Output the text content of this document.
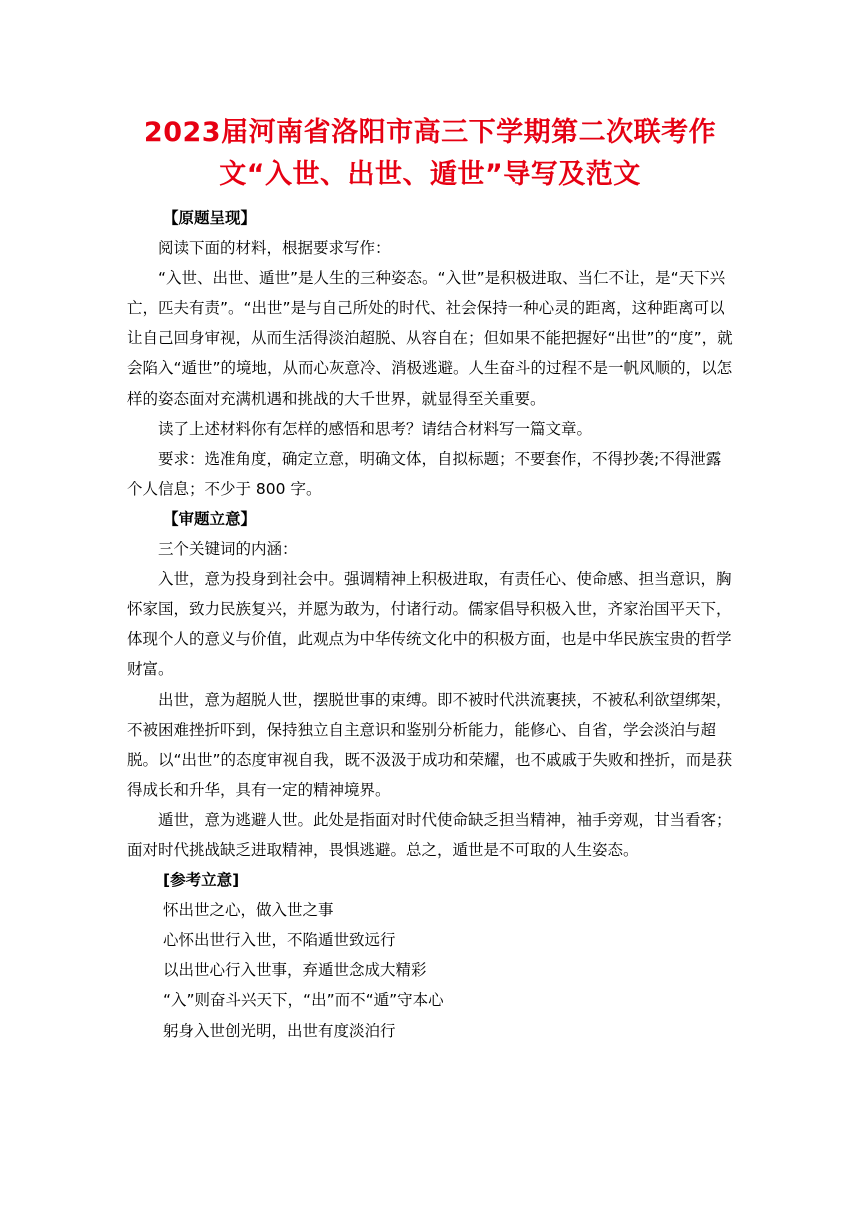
2023届河南省洛阳市高三下学期第二次联考作
文“入世、出世、遁世”导写及范文

【原题呈现】

阅读下面的材料，根据要求写作：

“入世、出世、遁世”是人生的三种姿态。“入世”是积极进取、当仁不让，是“天下兴亡，匹夫有责”。“出世”是与自己所处的时代、社会保持一种心灵的距离，这种距离可以让自己回身审视，从而生活得淡泊超脱、从容自在；但如果不能把握好“出世”的“度”，就会陷入“遁世”的境地，从而心灰意冷、消极逃避。人生奋斗的过程不是一帆风顺的，以怎样的姿态面对充满机遇和挑战的大千世界，就显得至关重要。

读了上述材料你有怎样的感悟和思考？请结合材料写一篇文章。

要求：选准角度，确定立意，明确文体，自拟标题；不要套作，不得抄袭;不得泄露个人信息；不少于 800 字。

【审题立意】

三个关键词的内涵：

入世，意为投身到社会中。强调精神上积极进取，有责任心、使命感、担当意识，胸怀家国，致力民族复兴，并愿为敢为，付诸行动。儒家倡导积极入世，齐家治国平天下，体现个人的意义与价值，此观点为中华传统文化中的积极方面，也是中华民族宝贵的哲学财富。

出世，意为超脱人世，摆脱世事的束缚。即不被时代洪流裹挟，不被私利欲望绑架，不被困难挫折吓到，保持独立自主意识和鉴别分析能力，能修心、自省，学会淡泊与超脱。以“出世”的态度审视自我，既不汲汲于成功和荣耀，也不戚戚于失败和挫折，而是获得成长和升华，具有一定的精神境界。

遁世，意为逃避人世。此处是指面对时代使命缺乏担当精神，袖手旁观，甘当看客；面对时代挑战缺乏进取精神，畏惧逃避。总之，遁世是不可取的人生姿态。

[参考立意]

怀出世之心，做入世之事

心怀出世行入世，不陷遁世致远行

以出世心行入世事，弃遁世念成大精彩

“入”则奋斗兴天下，“出”而不“遁”守本心

躬身入世创光明，出世有度淡泊行
